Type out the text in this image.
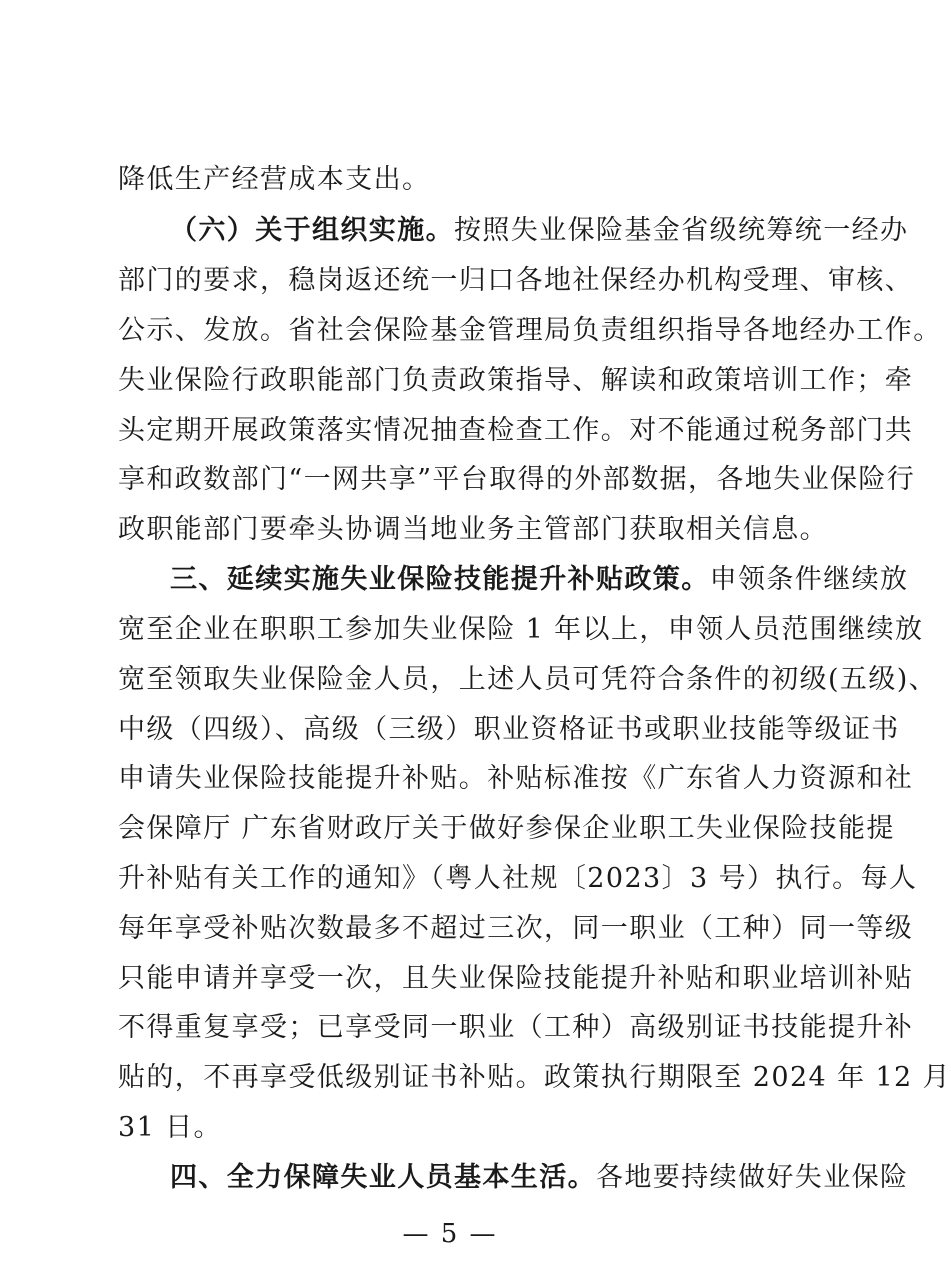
降低生产经营成本支出。
（六）关于组织实施。按照失业保险基金省级统筹统一经办
部门的要求，稳岗返还统一归口各地社保经办机构受理、审核、
公示、发放。省社会保险基金管理局负责组织指导各地经办工作。
失业保险行政职能部门负责政策指导、解读和政策培训工作；牵
头定期开展政策落实情况抽查检查工作。对不能通过税务部门共
享和政数部门“一网共享”平台取得的外部数据，各地失业保险行
政职能部门要牵头协调当地业务主管部门获取相关信息。
三、延续实施失业保险技能提升补贴政策。申领条件继续放
宽至企业在职职工参加失业保险 1 年以上，申领人员范围继续放
宽至领取失业保险金人员，上述人员可凭符合条件的初级(五级)、
中级（四级）、高级（三级）职业资格证书或职业技能等级证书
申请失业保险技能提升补贴。补贴标准按《广东省人力资源和社
会保障厅 广东省财政厅关于做好参保企业职工失业保险技能提
升补贴有关工作的通知》（粤人社规〔2023〕3 号）执行。每人
每年享受补贴次数最多不超过三次，同一职业（工种）同一等级
只能申请并享受一次，且失业保险技能提升补贴和职业培训补贴
不得重复享受；已享受同一职业（工种）高级别证书技能提升补
贴的，不再享受低级别证书补贴。政策执行期限至 2024 年 12 月
31 日。
四、全力保障失业人员基本生活。各地要持续做好失业保险
— 5 —
